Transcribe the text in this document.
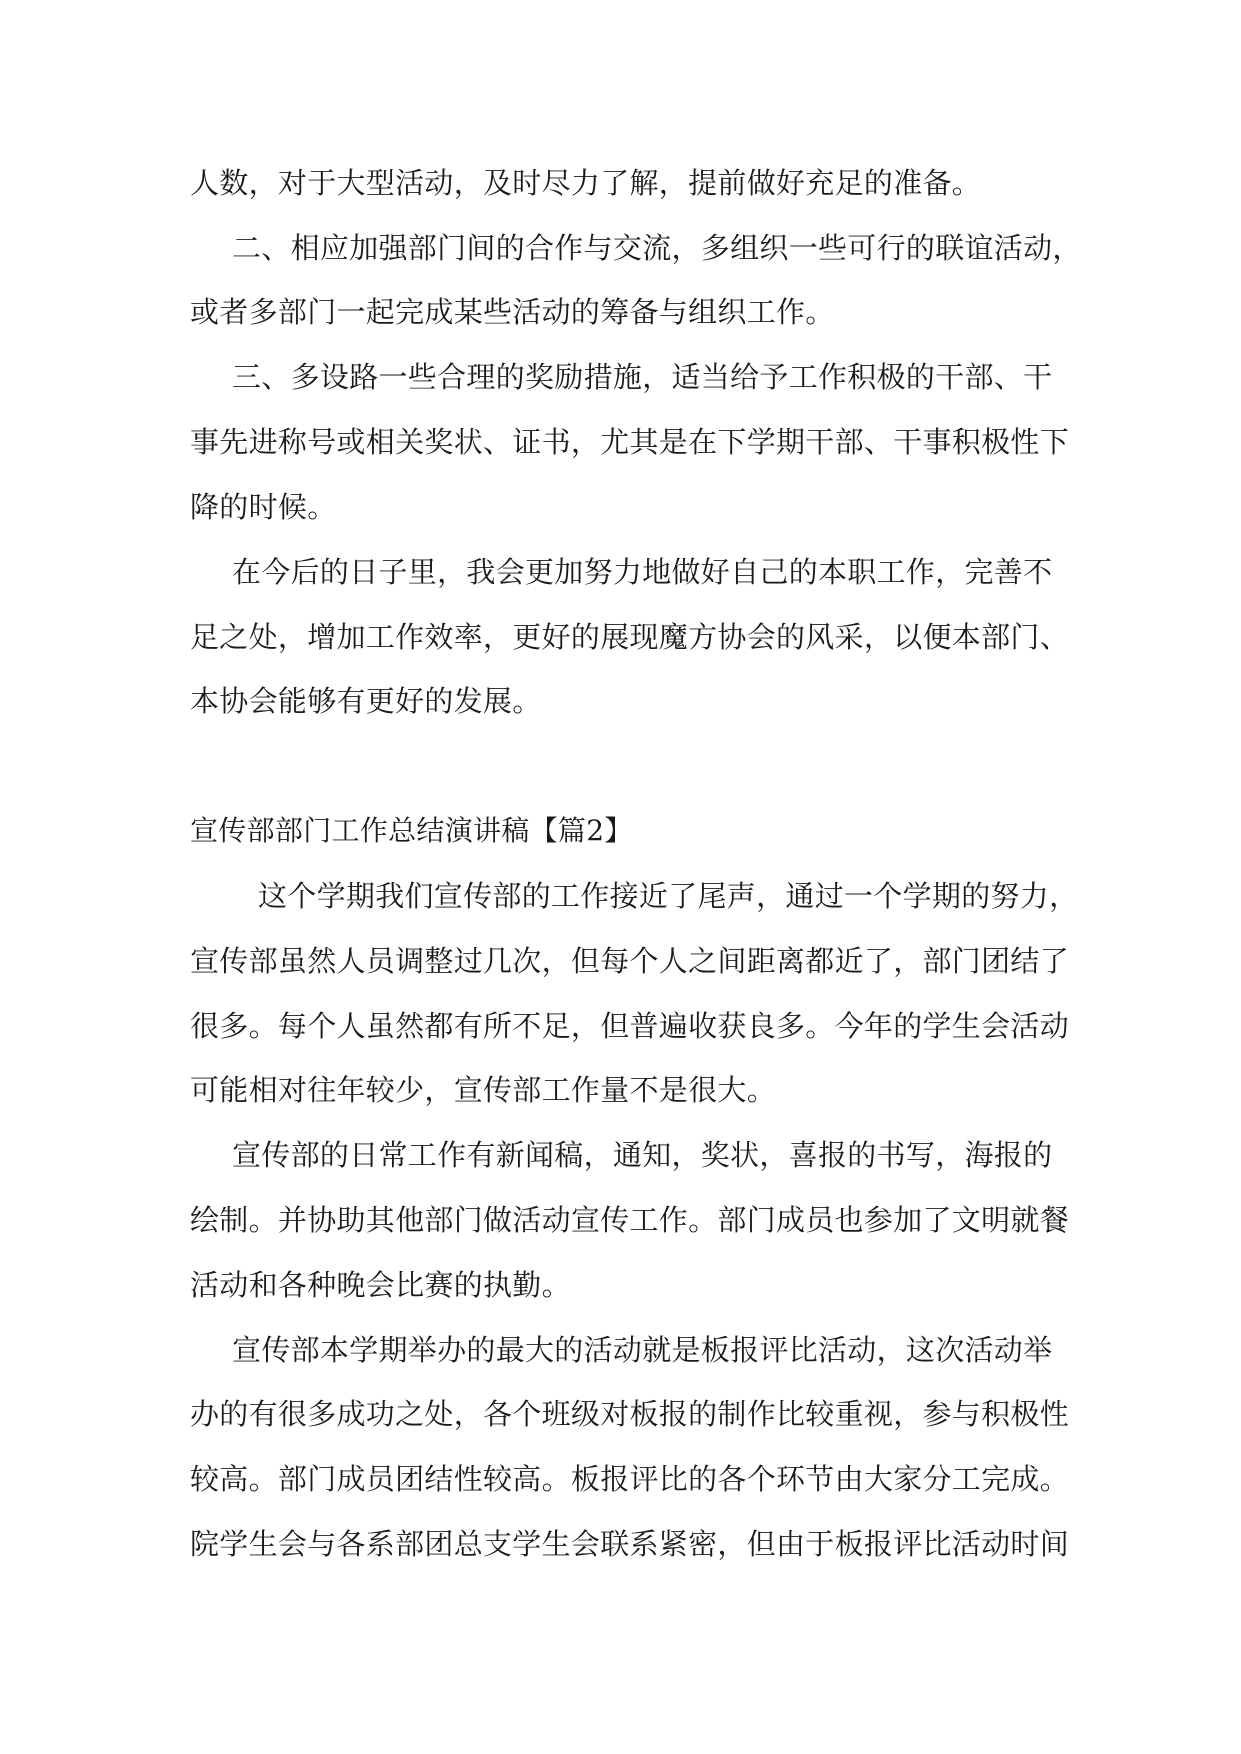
人数，对于大型活动，及时尽力了解，提前做好充足的准备。
二、相应加强部门间的合作与交流，多组织一些可行的联谊活动，
或者多部门一起完成某些活动的筹备与组织工作。
三、多设路一些合理的奖励措施，适当给予工作积极的干部、干
事先进称号或相关奖状、证书，尤其是在下学期干部、干事积极性下
降的时候。
在今后的日子里，我会更加努力地做好自己的本职工作，完善不
足之处，增加工作效率，更好的展现魔方协会的风采，以便本部门、
本协会能够有更好的发展。
宣传部部门工作总结演讲稿【篇2】
这个学期我们宣传部的工作接近了尾声，通过一个学期的努力，
宣传部虽然人员调整过几次，但每个人之间距离都近了，部门团结了
很多。每个人虽然都有所不足，但普遍收获良多。今年的学生会活动
可能相对往年较少，宣传部工作量不是很大。
宣传部的日常工作有新闻稿，通知，奖状，喜报的书写，海报的
绘制。并协助其他部门做活动宣传工作。部门成员也参加了文明就餐
活动和各种晚会比赛的执勤。
宣传部本学期举办的最大的活动就是板报评比活动，这次活动举
办的有很多成功之处，各个班级对板报的制作比较重视，参与积极性
较高。部门成员团结性较高。板报评比的各个环节由大家分工完成。
院学生会与各系部团总支学生会联系紧密，但由于板报评比活动时间
